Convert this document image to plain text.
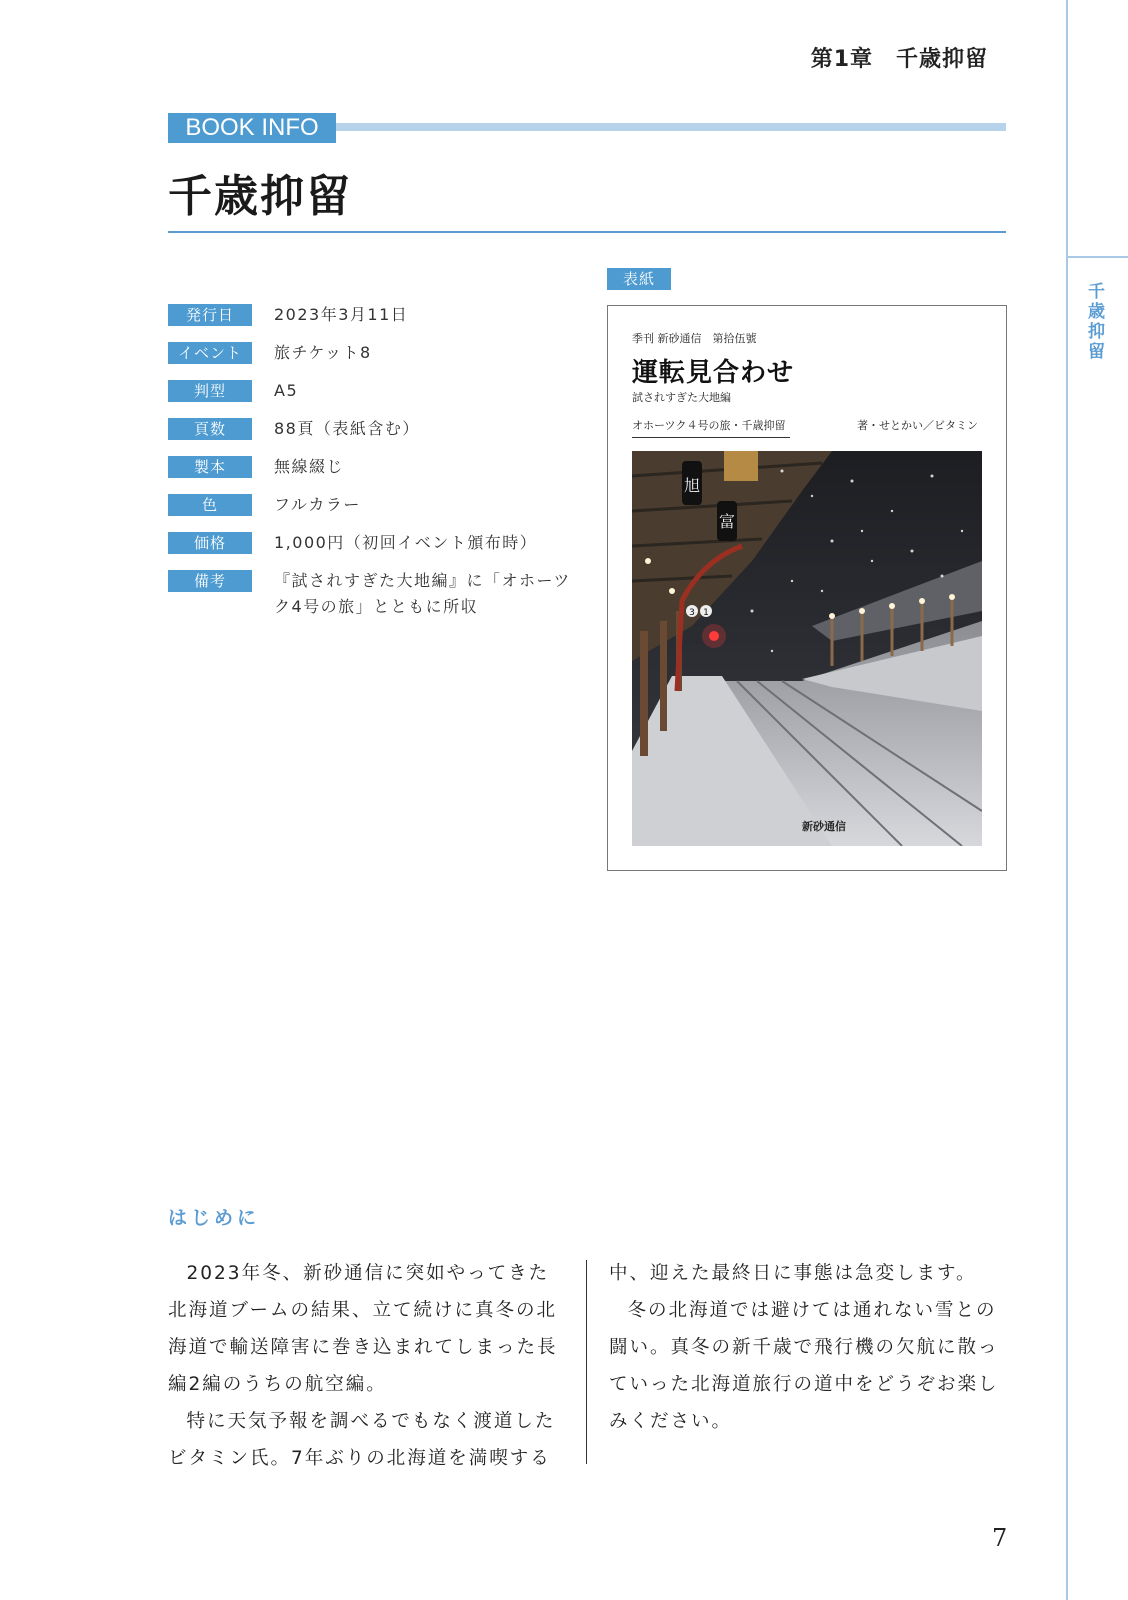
千歳抑留
第1章　千歳抑留
BOOK INFO
千歳抑留
発行日	2023年3月11日
イベント	旅チケット8
判型	A5
頁数	88頁（表紙含む）
製本	無線綴じ
色	フルカラー
価格	1,000円（初回イベント頒布時）
備考	『試されすぎた大地編』に「オホーツク4号の旅」とともに所収
表紙
季刊 新砂通信　第拾伍號
運転見合わせ
試されすぎた大地編
オホーツク４号の旅・千歳抑留	著・せとかい／ビタミン
旭
富
3 1
新砂通信
はじめに

2023年冬、新砂通信に突如やってきた北海道ブームの結果、立て続けに真冬の北海道で輸送障害に巻き込まれてしまった長編2編のうちの航空編。

特に天気予報を調べるでもなく渡道したビタミン氏。7年ぶりの北海道を満喫する

中、迎えた最終日に事態は急変します。

冬の北海道では避けては通れない雪との闘い。真冬の新千歳で飛行機の欠航に散っていった北海道旅行の道中をどうぞお楽しみください。

7
